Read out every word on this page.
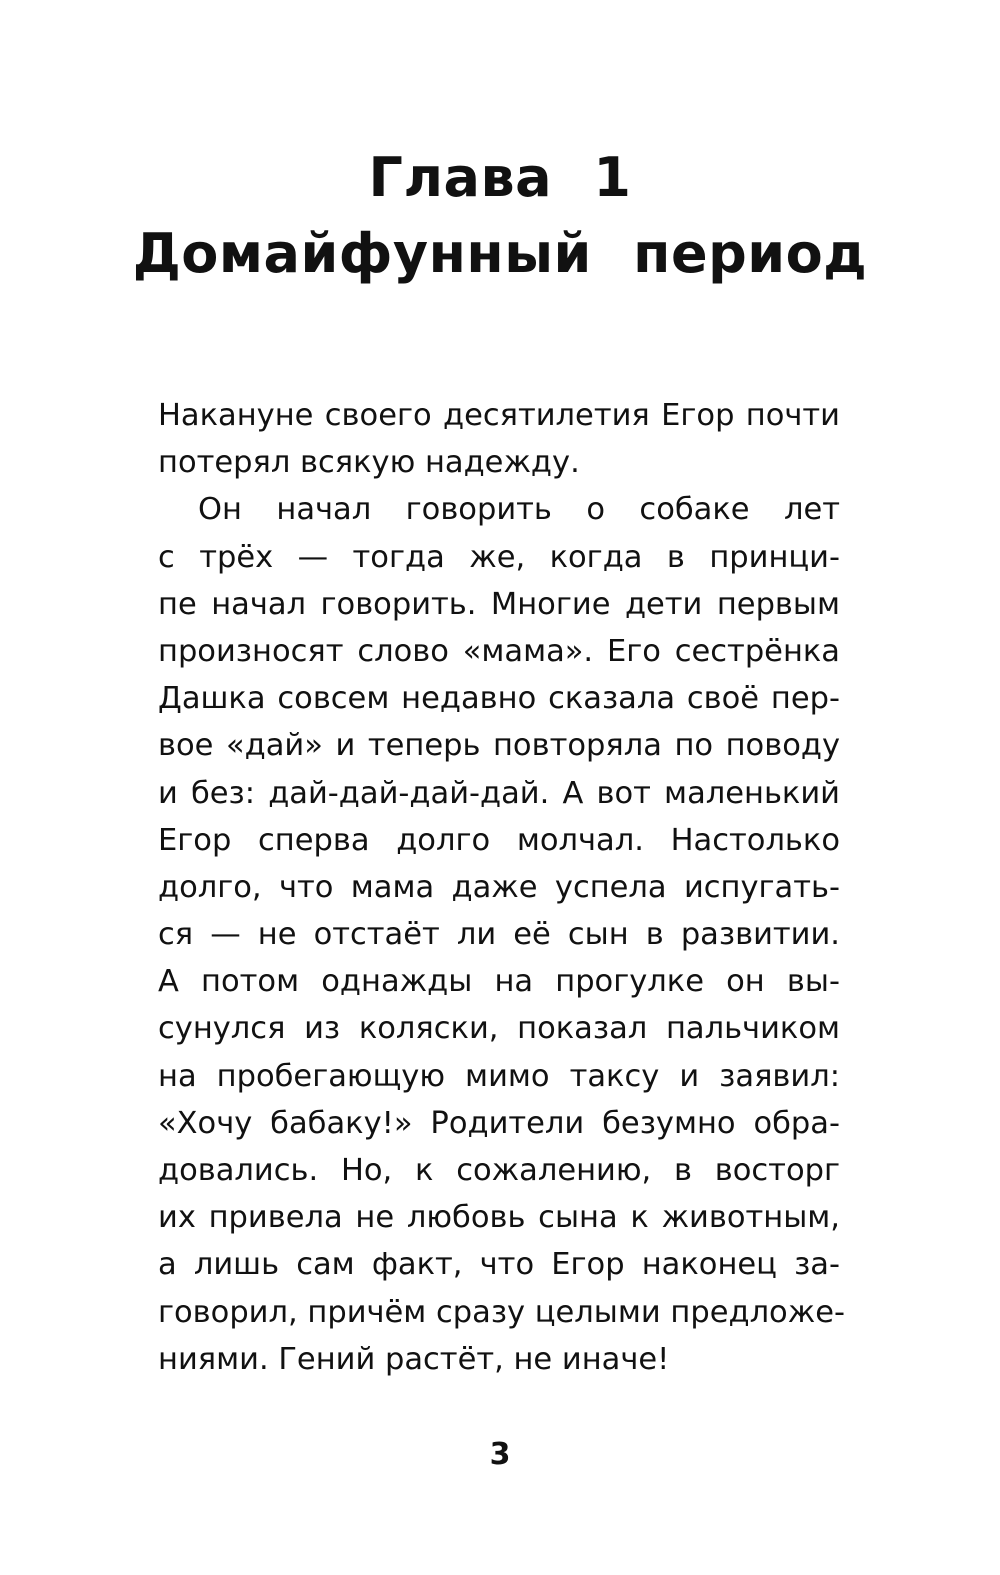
Глава 1
Домайфунный период
Накануне своего десятилетия Егор почти
потерял всякую надежду.
Он начал говорить о собаке лет
с трёх — тогда же, когда в принци-
пе начал говорить. Многие дети первым
произносят слово «мама». Его сестрёнка
Дашка совсем недавно сказала своё пер-
вое «дай» и теперь повторяла по поводу
и без: дай-дай-дай-дай. А вот маленький
Егор сперва долго молчал. Настолько
долго, что мама даже успела испугать-
ся — не отстаёт ли её сын в развитии.
А потом однажды на прогулке он вы-
сунулся из коляски, показал пальчиком
на пробегающую мимо таксу и заявил:
«Хочу бабаку!» Родители безумно обра-
довались. Но, к сожалению, в восторг
их привела не любовь сына к животным,
а лишь сам факт, что Егор наконец за-
говорил, причём сразу целыми предложе-
ниями. Гений растёт, не иначе!
3
